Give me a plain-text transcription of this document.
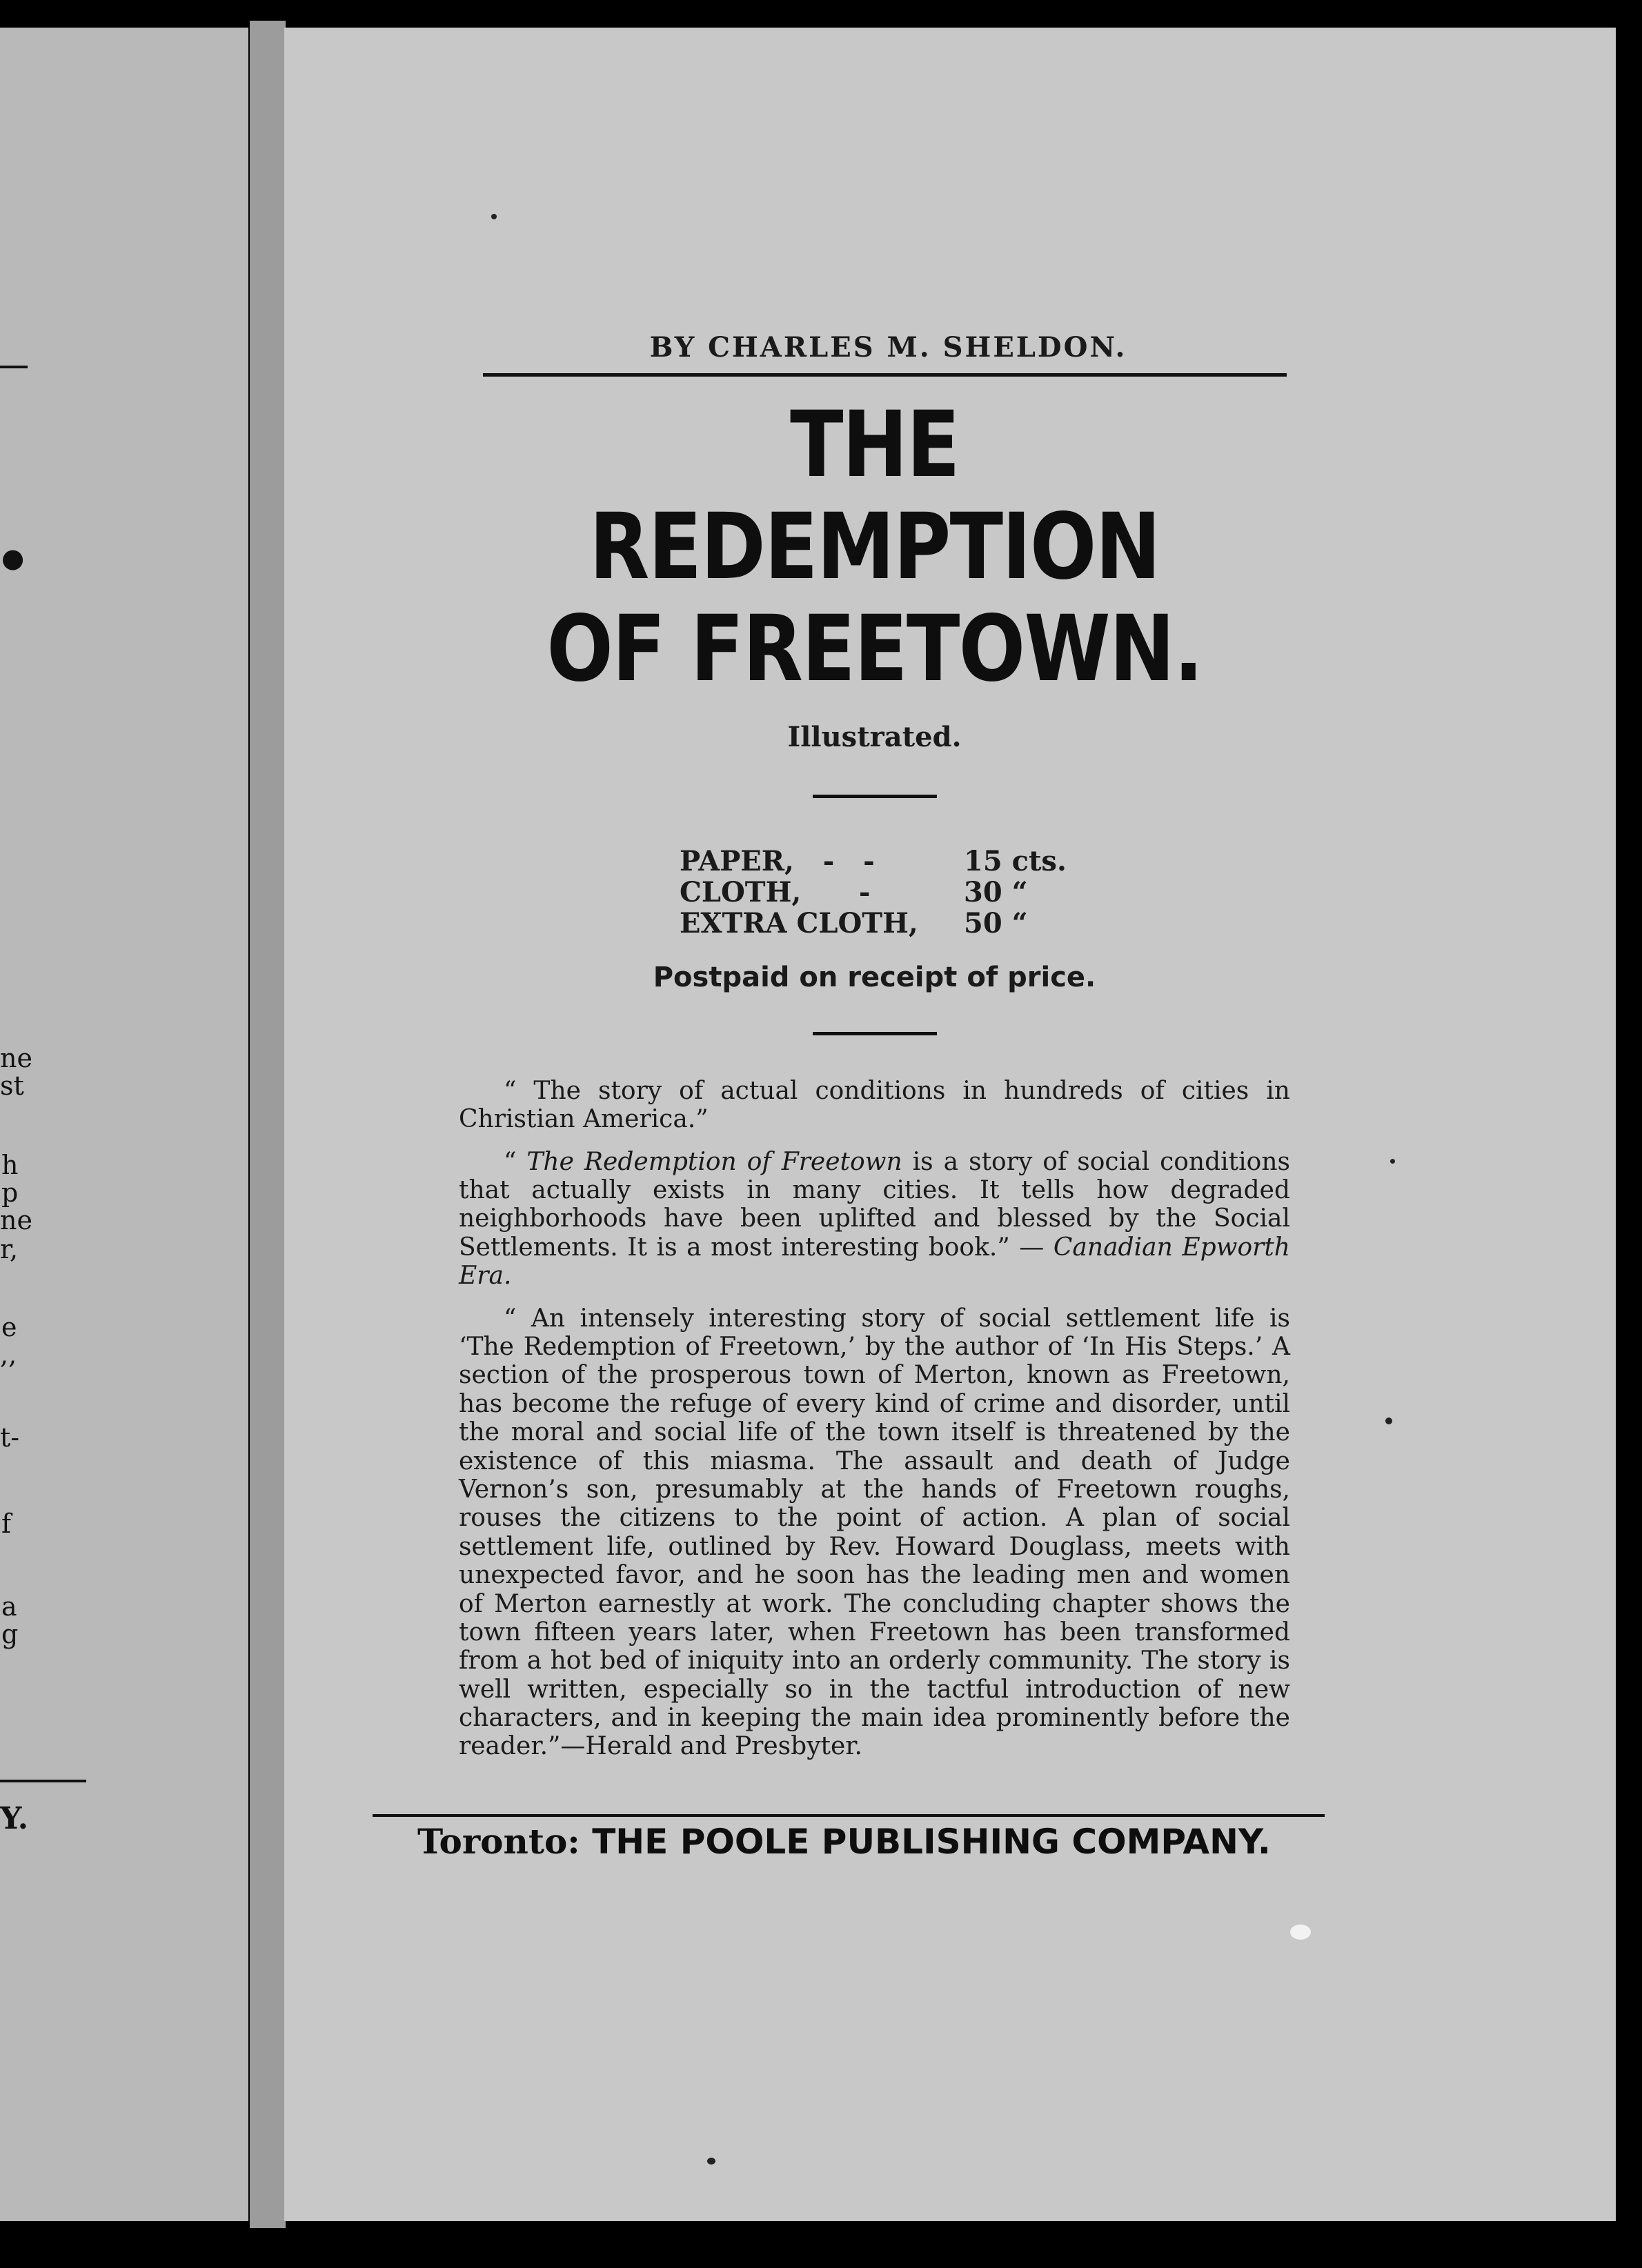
●
ne
st
h
p
ne
r,
e
,,
t-
f
a
g
Y.
BY CHARLES M. SHELDON.
THE REDEMPTION
OF FREETOWN.
Illustrated.
PAPER,   -   -	15 cts.
CLOTH,      -	30 “
EXTRA CLOTH,	50 “
Postpaid on receipt of price.

“ The story of actual conditions in hundreds of cities in Christian America.”

“ The Redemption of Freetown is a story of social conditions that actually exists in many cities. It tells how degraded neighborhoods have been uplifted and blessed by the Social Settlements. It is a most interesting book.” — Canadian Epworth Era.

“ An intensely interesting story of social settlement life is ‘The Redemption of Freetown,’ by the author of ‘In His Steps.’ A section of the prosperous town of Merton, known as Freetown, has become the refuge of every kind of crime and disorder, until the moral and social life of the town itself is threatened by the existence of this miasma. The assault and death of Judge Vernon’s son, presumably at the hands of Freetown roughs, rouses the citizens to the point of action. A plan of social settlement life, outlined by Rev. Howard Douglass, meets with unexpected favor, and he soon has the leading men and women of Merton earnestly at work. The concluding chapter shows the town fifteen years later, when Freetown has been transformed from a hot bed of iniquity into an orderly community. The story is well written, especially so in the tactful introduction of new characters, and in keeping the main idea prominently before the reader.”—Herald and Presbyter.

Toronto: THE POOLE PUBLISHING COMPANY.
